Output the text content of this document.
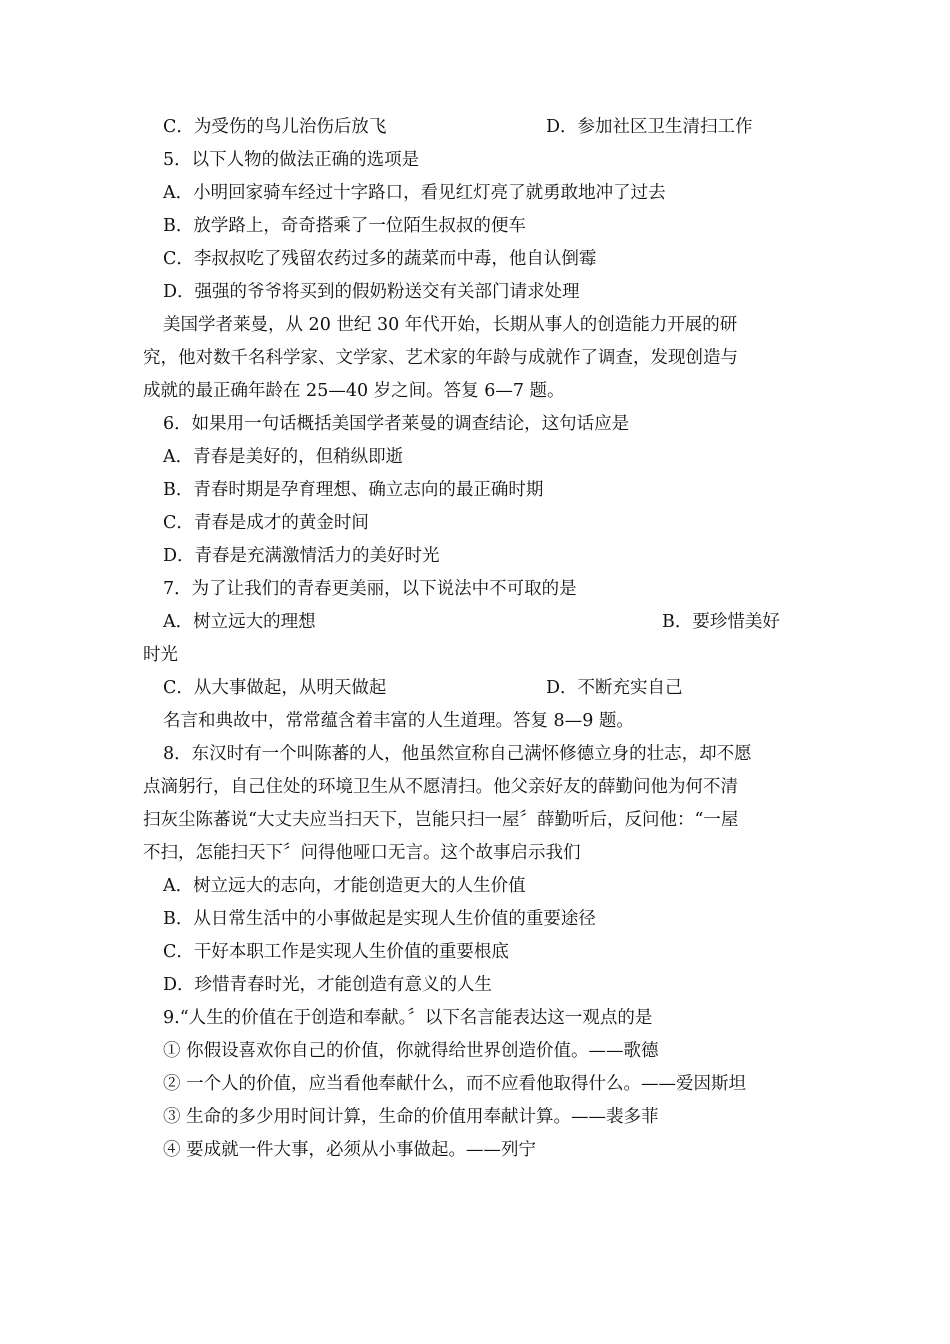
C．为受伤的鸟儿治伤后放飞	D．参加社区卫生清扫工作
5．以下人物的做法正确的选项是
A．小明回家骑车经过十字路口，看见红灯亮了就勇敢地冲了过去
B．放学路上，奇奇搭乘了一位陌生叔叔的便车
C．李叔叔吃了残留农药过多的蔬菜而中毒，他自认倒霉
D．强强的爷爷将买到的假奶粉送交有关部门请求处理
美国学者莱曼，从 20 世纪 30 年代开始，长期从事人的创造能力开展的研
究，他对数千名科学家、文学家、艺术家的年龄与成就作了调查，发现创造与
成就的最正确年龄在 25—40 岁之间。答复 6—7 题。
6．如果用一句话概括美国学者莱曼的调查结论，这句话应是
A．青春是美好的，但稍纵即逝
B．青春时期是孕育理想、确立志向的最正确时期
C．青春是成才的黄金时间
D．青春是充满激情活力的美好时光
7．为了让我们的青春更美丽，以下说法中不可取的是
A．树立远大的理想	B．要珍惜美好
时光
C．从大事做起，从明天做起	D．不断充实自己
名言和典故中，常常蕴含着丰富的人生道理。答复 8—9 题。
8．东汉时有一个叫陈蕃的人，他虽然宣称自己满怀修德立身的壮志，却不愿
点滴躬行，自己住处的环境卫生从不愿清扫。他父亲好友的薛勤问他为何不清
扫灰尘陈蕃说“大丈夫应当扫天下，岂能只扫一屋〞薛勤听后，反问他：“一屋
不扫，怎能扫天下〞问得他哑口无言。这个故事启示我们
A．树立远大的志向，才能创造更大的人生价值
B．从日常生活中的小事做起是实现人生价值的重要途径
C．干好本职工作是实现人生价值的重要根底
D．珍惜青春时光，才能创造有意义的人生
9.“人生的价值在于创造和奉献。〞以下名言能表达这一观点的是
① 你假设喜欢你自己的价值，你就得给世界创造价值。——歌德
② 一个人的价值，应当看他奉献什么，而不应看他取得什么。——爱因斯坦
③ 生命的多少用时间计算，生命的价值用奉献计算。——裴多菲
④ 要成就一件大事，必须从小事做起。——列宁
